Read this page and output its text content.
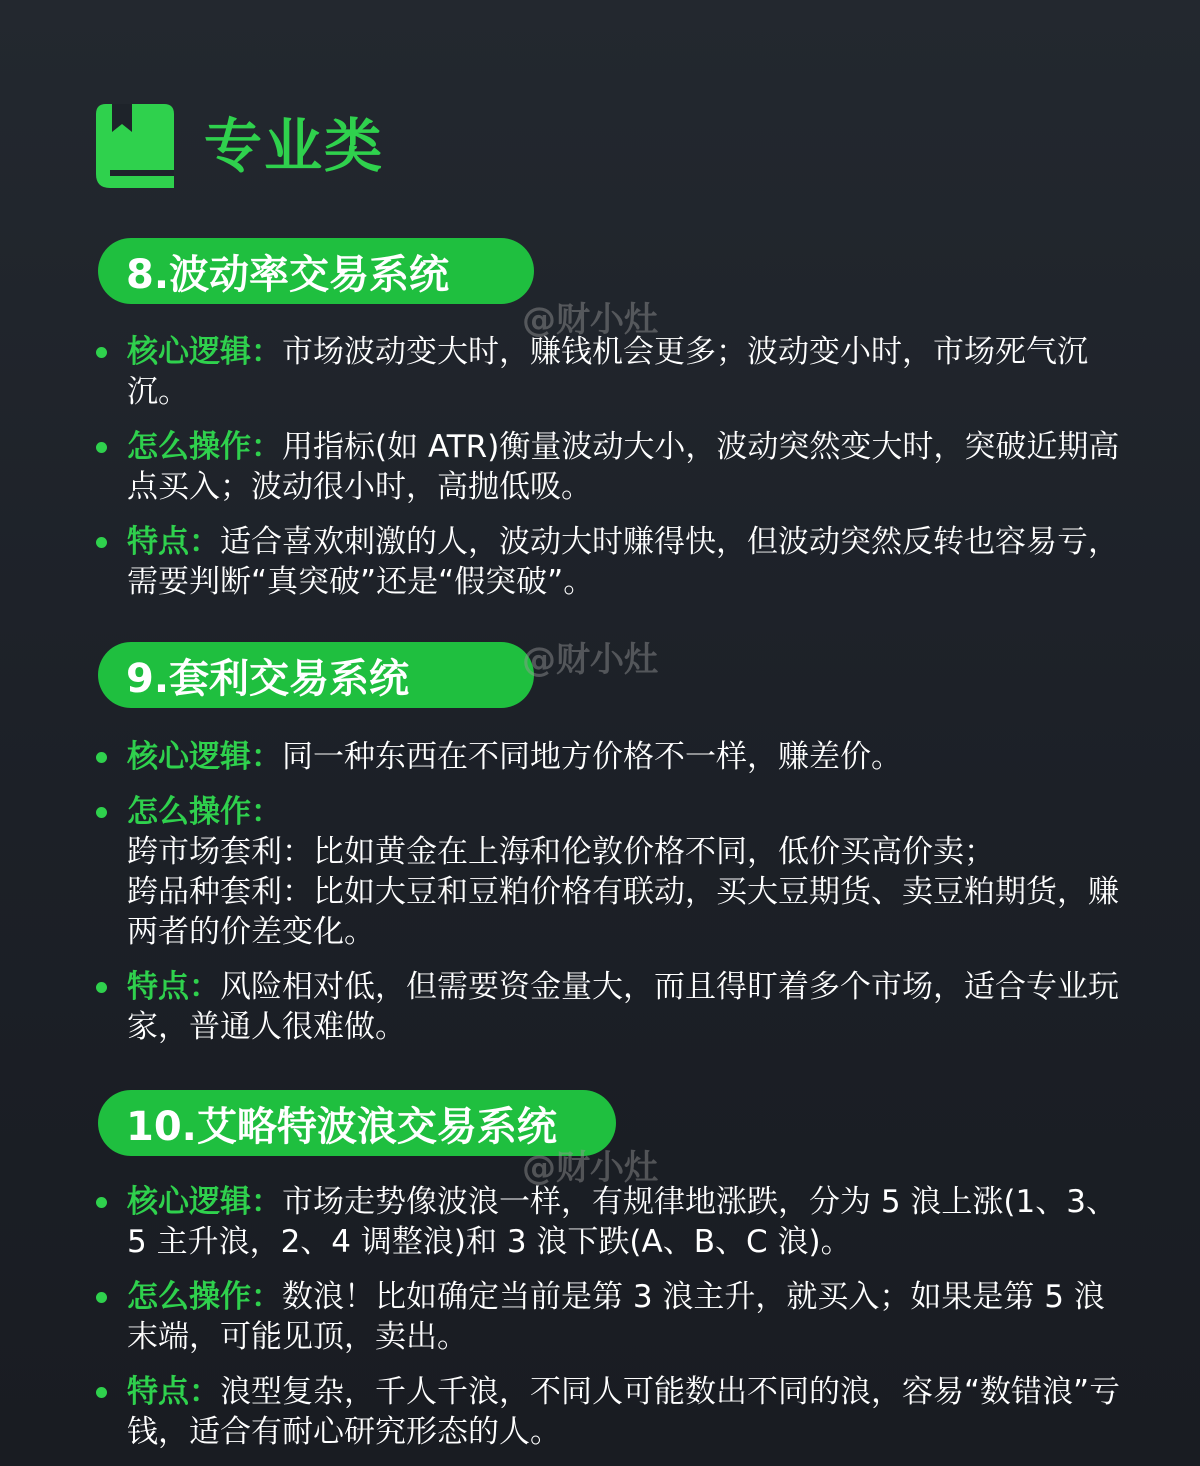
专业类
8.波动率交易系统
@财小灶
核心逻辑：市场波动变大时，赚钱机会更多；波动变小时，市场死气沉沉。
怎么操作：用指标(如 ATR)衡量波动大小，波动突然变大时，突破近期高点买入；波动很小时，高抛低吸。
特点：适合喜欢刺激的人，波动大时赚得快，但波动突然反转也容易亏，需要判断“真突破”还是“假突破”。
9.套利交易系统	@财小灶
核心逻辑：同一种东西在不同地方价格不一样，赚差价。
怎么操作：
跨市场套利：比如黄金在上海和伦敦价格不同，低价买高价卖；
跨品种套利：比如大豆和豆粕价格有联动，买大豆期货、卖豆粕期货，赚两者的价差变化。
特点：风险相对低，但需要资金量大，而且得盯着多个市场，适合专业玩家，普通人很难做。
10.艾略特波浪交易系统
@财小灶
核心逻辑：市场走势像波浪一样，有规律地涨跌，分为 5 浪上涨(1、3、5 主升浪，2、4 调整浪)和 3 浪下跌(A、B、C 浪)。
怎么操作：数浪！比如确定当前是第 3 浪主升，就买入；如果是第 5 浪末端，可能见顶，卖出。
特点：浪型复杂，千人千浪，不同人可能数出不同的浪，容易“数错浪”亏钱，适合有耐心研究形态的人。
